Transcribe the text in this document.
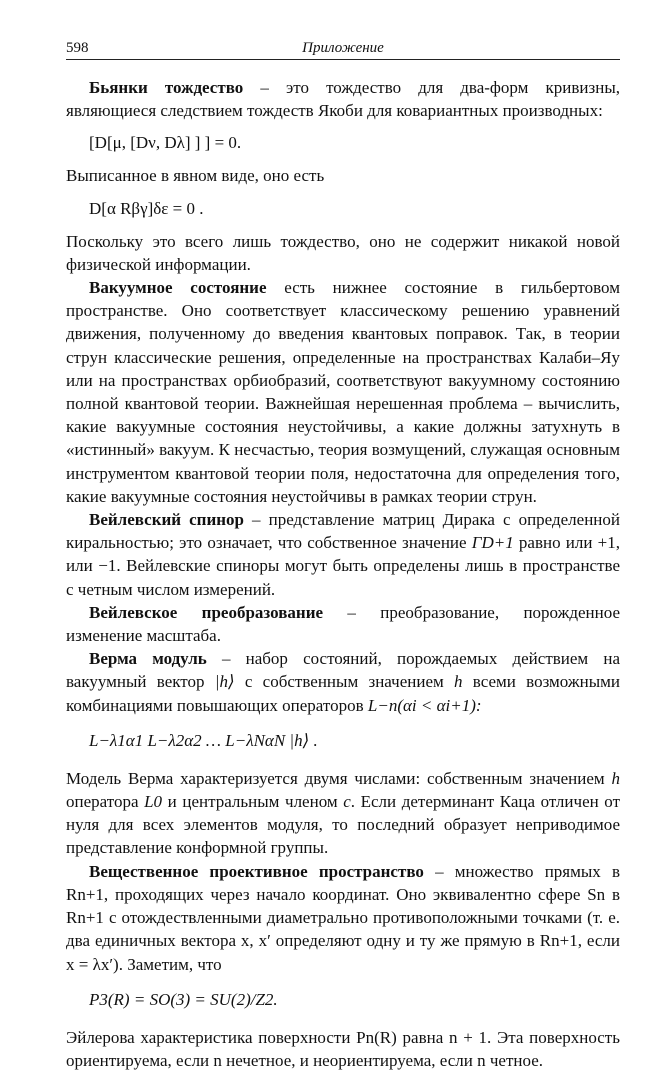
598	Приложение

Бьянки тождество – это тождество для два-форм кривизны, являющиеся следствием тождеств Якоби для ковариантных производных:

[D[μ, [Dν, Dλ] ] ] = 0.

Выписанное в явном виде, оно есть

D[α Rβγ]δε = 0 .

Поскольку это всего лишь тождество, оно не содержит никакой новой физической информации.

Вакуумное состояние есть нижнее состояние в гильбертовом пространстве. Оно соответствует классическому решению уравнений движения, полученному до введения квантовых поправок. Так, в теории струн классические решения, определенные на пространствах Калаби–Яу или на пространствах орбиобразий, соответствуют вакуумному состоянию полной квантовой теории. Важнейшая нерешенная проблема – вычислить, какие вакуумные состояния неустойчивы, а какие должны затухнуть в «истинный» вакуум. К несчастью, теория возмущений, служащая основным инструментом квантовой теории поля, недостаточна для определения того, какие вакуумные состояния неустойчивы в рамках теории струн.

Вейлевский спинор – представление матриц Дирака с определенной киральностью; это означает, что собственное значение ΓD+1 равно или +1, или −1. Вейлевские спиноры могут быть определены лишь в пространстве с четным числом измерений.

Вейлевское преобразование – преобразование, порожденное изменение масштаба.

Верма модуль – набор состояний, порождаемых действием на вакуумный вектор |h⟩ с собственным значением h всеми возможными комбинациями повышающих операторов L−n(αi < αi+1):

L−λ1α1 L−λ2α2 … L−λNαN |h⟩ .

Модель Верма характеризуется двумя числами: собственным значением h оператора L0 и центральным членом c. Если детерминант Каца отличен от нуля для всех элементов модуля, то последний образует неприводимое представление конформной группы.

Вещественное проективное пространство – множество прямых в Rn+1, проходящих через начало координат. Оно эквивалентно сфере Sn в Rn+1 с отождествленными диаметрально противоположными точками (т. е. два единичных вектора x, x′ определяют одну и ту же прямую в Rn+1, если x = λx′). Заметим, что

P3(R) = SO(3) = SU(2)/Z2.

Эйлерова характеристика поверхности Pn(R) равна n + 1. Эта поверхность ориентируема, если n нечетное, и неориентируема, если n четное.
